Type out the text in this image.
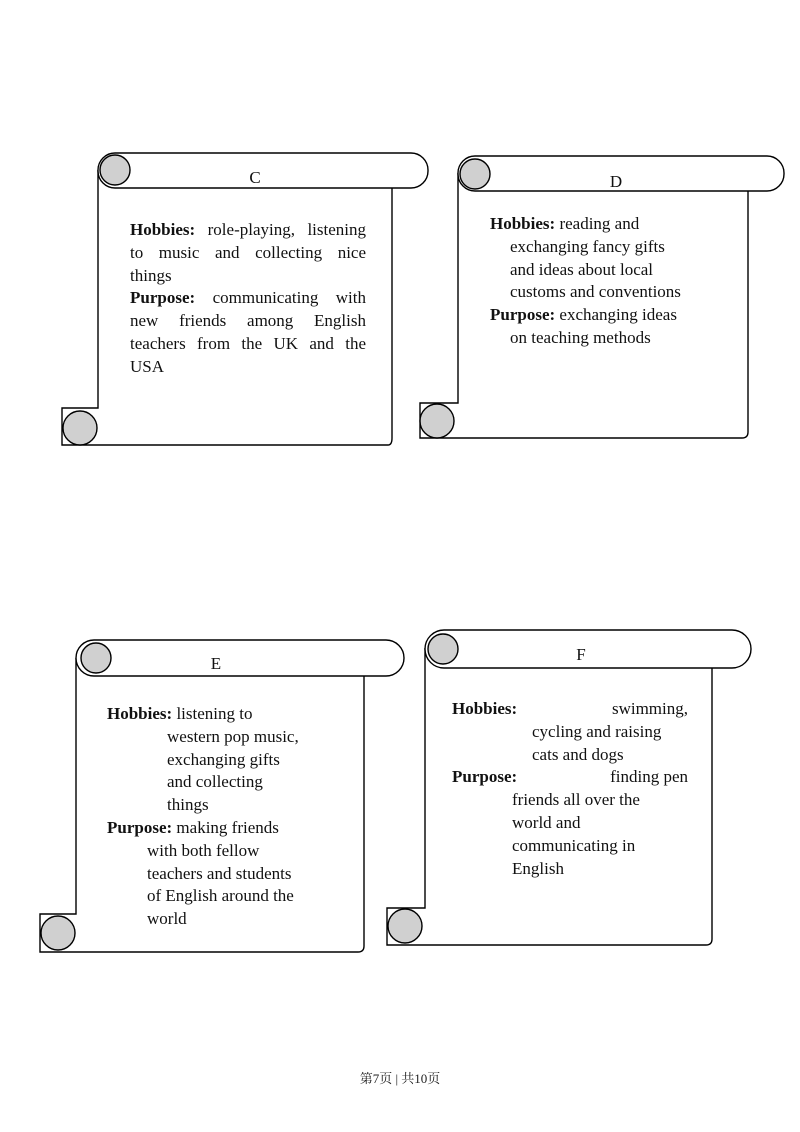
C

Hobbies: role-playing, listening to music and collecting nice things

Purpose: communicating with new friends among English teachers from the UK and the USA

D

Hobbies: reading and

exchanging fancy gifts

and ideas about local

customs and conventions

Purpose: exchanging ideas

on teaching methods

E

Hobbies: listening to

western pop music,

exchanging gifts

and collecting

things

Purpose: making friends

with both fellow

teachers and students

of English around the

world

F

Hobbies:	swimming,

cycling and raising

cats and dogs

Purpose:	finding pen

friends all over the

world and

communicating in

English

第7页 | 共10页
